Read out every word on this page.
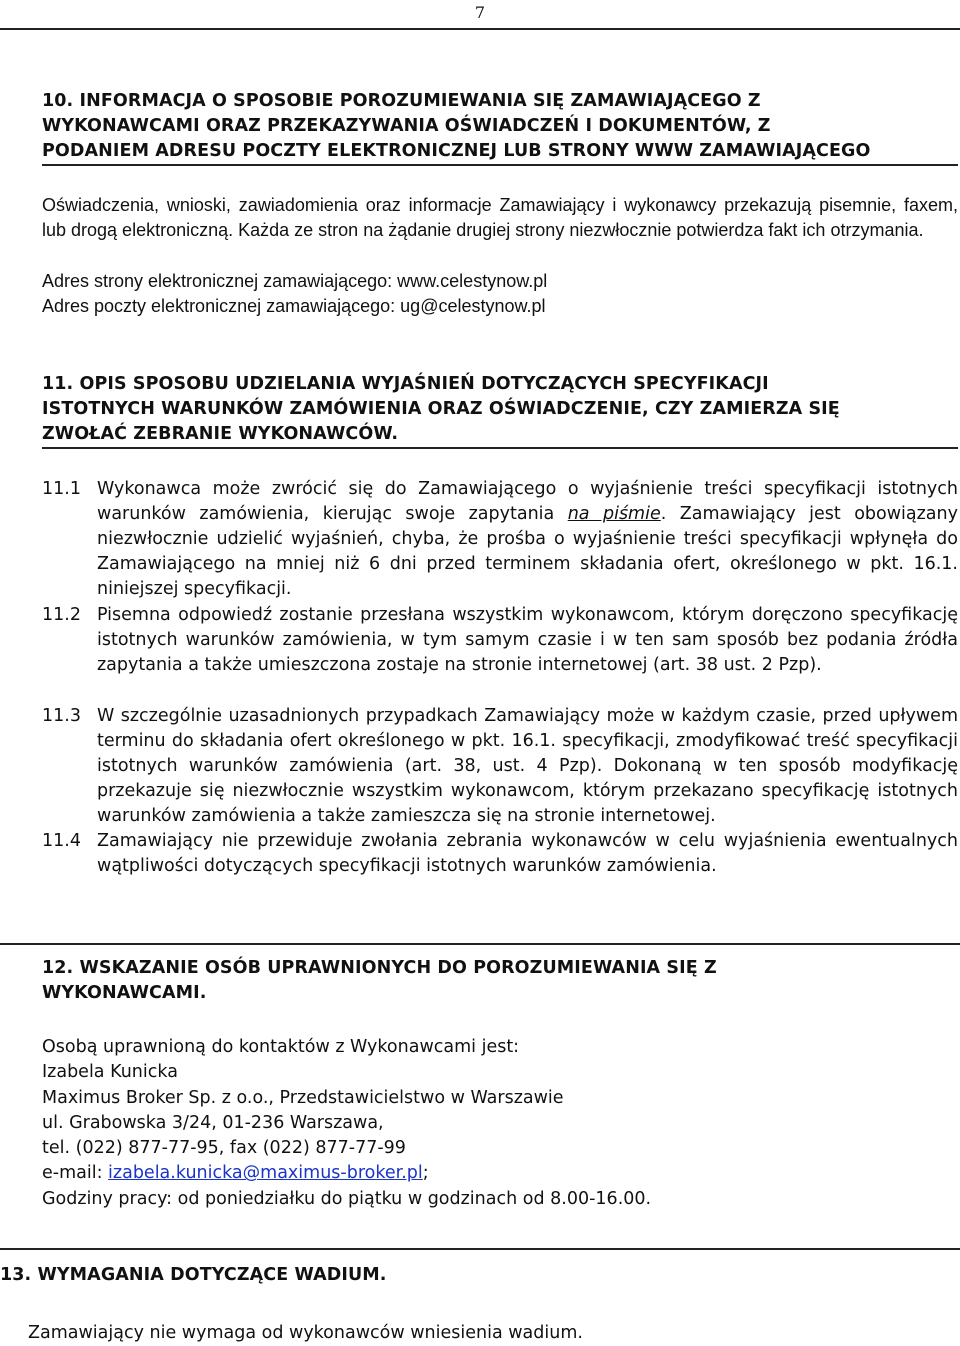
7
10. INFORMACJA O SPOSOBIE POROZUMIEWANIA SIĘ ZAMAWIAJĄCEGO Z
WYKONAWCAMI ORAZ PRZEKAZYWANIA OŚWIADCZEŃ I DOKUMENTÓW, Z
PODANIEM ADRESU POCZTY ELEKTRONICZNEJ LUB STRONY WWW ZAMAWIAJĄCEGO
Oświadczenia, wnioski, zawiadomienia oraz informacje Zamawiający i wykonawcy przekazują pisemnie, faxem, lub drogą elektroniczną. Każda ze stron na żądanie drugiej strony niezwłocznie potwierdza fakt ich otrzymania.
Adres strony elektronicznej zamawiającego: www.celestynow.pl
Adres poczty elektronicznej zamawiającego: ug@celestynow.pl
11. OPIS SPOSOBU UDZIELANIA WYJAŚNIEŃ DOTYCZĄCYCH SPECYFIKACJI
ISTOTNYCH WARUNKÓW ZAMÓWIENIA ORAZ OŚWIADCZENIE, CZY ZAMIERZA SIĘ
ZWOŁAĆ ZEBRANIE WYKONAWCÓW.
11.1 Wykonawca może zwrócić się do Zamawiającego o wyjaśnienie treści specyfikacji istotnych warunków zamówienia, kierując swoje zapytania na piśmie. Zamawiający jest obowiązany niezwłocznie udzielić wyjaśnień, chyba, że prośba o wyjaśnienie treści specyfikacji wpłynęła do Zamawiającego na mniej niż 6 dni przed terminem składania ofert, określonego w pkt. 16.1. niniejszej specyfikacji.
11.2 Pisemna odpowiedź zostanie przesłana wszystkim wykonawcom, którym doręczono specyfikację istotnych warunków zamówienia, w tym samym czasie i w ten sam sposób bez podania źródła zapytania a także umieszczona zostaje na stronie internetowej (art. 38 ust. 2 Pzp).
11.3 W szczególnie uzasadnionych przypadkach Zamawiający może w każdym czasie, przed upływem terminu do składania ofert określonego w pkt. 16.1. specyfikacji, zmodyfikować treść specyfikacji istotnych warunków zamówienia (art. 38, ust. 4 Pzp). Dokonaną w ten sposób modyfikację przekazuje się niezwłocznie wszystkim wykonawcom, którym przekazano specyfikację istotnych warunków zamówienia a także zamieszcza się na stronie internetowej.
11.4 Zamawiający nie przewiduje zwołania zebrania wykonawców w celu wyjaśnienia ewentualnych wątpliwości dotyczących specyfikacji istotnych warunków zamówienia.
12. WSKAZANIE OSÓB UPRAWNIONYCH DO POROZUMIEWANIA SIĘ Z
WYKONAWCAMI.
Osobą uprawnioną do kontaktów z Wykonawcami jest:
Izabela Kunicka
Maximus Broker Sp. z o.o., Przedstawicielstwo w Warszawie
ul. Grabowska 3/24, 01-236 Warszawa,
tel. (022) 877-77-95, fax (022) 877-77-99
e-mail: izabela.kunicka@maximus-broker.pl;
Godziny pracy: od poniedziałku do piątku w godzinach od 8.00-16.00.
13. WYMAGANIA DOTYCZĄCE WADIUM.
Zamawiający nie wymaga od wykonawców wniesienia wadium.
